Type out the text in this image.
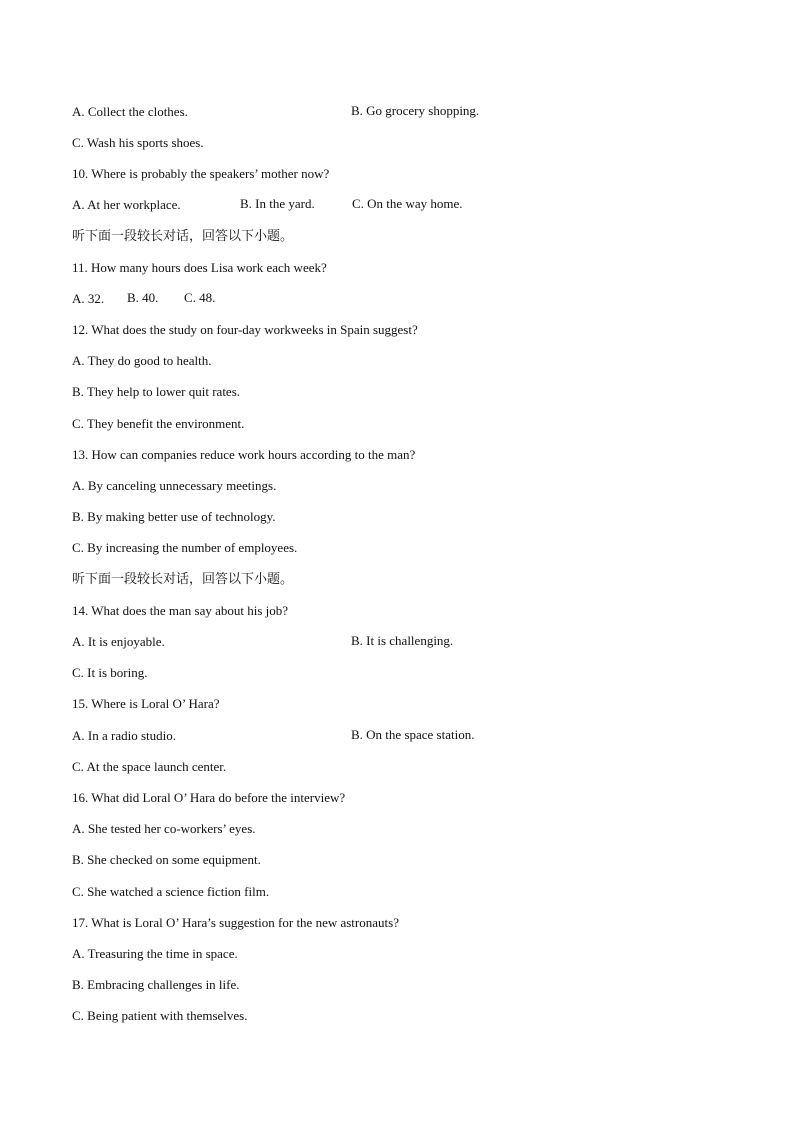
A. Collect the clothes.	B. Go grocery shopping.
C. Wash his sports shoes.
10. Where is probably the speakers’ mother now?
A. At her workplace.	B. In the yard.	C. On the way home.
听下面一段较长对话，回答以下小题。
11. How many hours does Lisa work each week?
A. 32. B. 40. C. 48.
12. What does the study on four-day workweeks in Spain suggest?
A. They do good to health.
B. They help to lower quit rates.
C. They benefit the environment.
13. How can companies reduce work hours according to the man?
A. By canceling unnecessary meetings.
B. By making better use of technology.
C. By increasing the number of employees.
听下面一段较长对话，回答以下小题。
14. What does the man say about his job?
A. It is enjoyable.	B. It is challenging.
C. It is boring.
15. Where is Loral O’ Hara?
A. In a radio studio.	B. On the space station.
C. At the space launch center.
16. What did Loral O’ Hara do before the interview?
A. She tested her co-workers’ eyes.
B. She checked on some equipment.
C. She watched a science fiction film.
17. What is Loral O’ Hara’s suggestion for the new astronauts?
A. Treasuring the time in space.
B. Embracing challenges in life.
C. Being patient with themselves.
